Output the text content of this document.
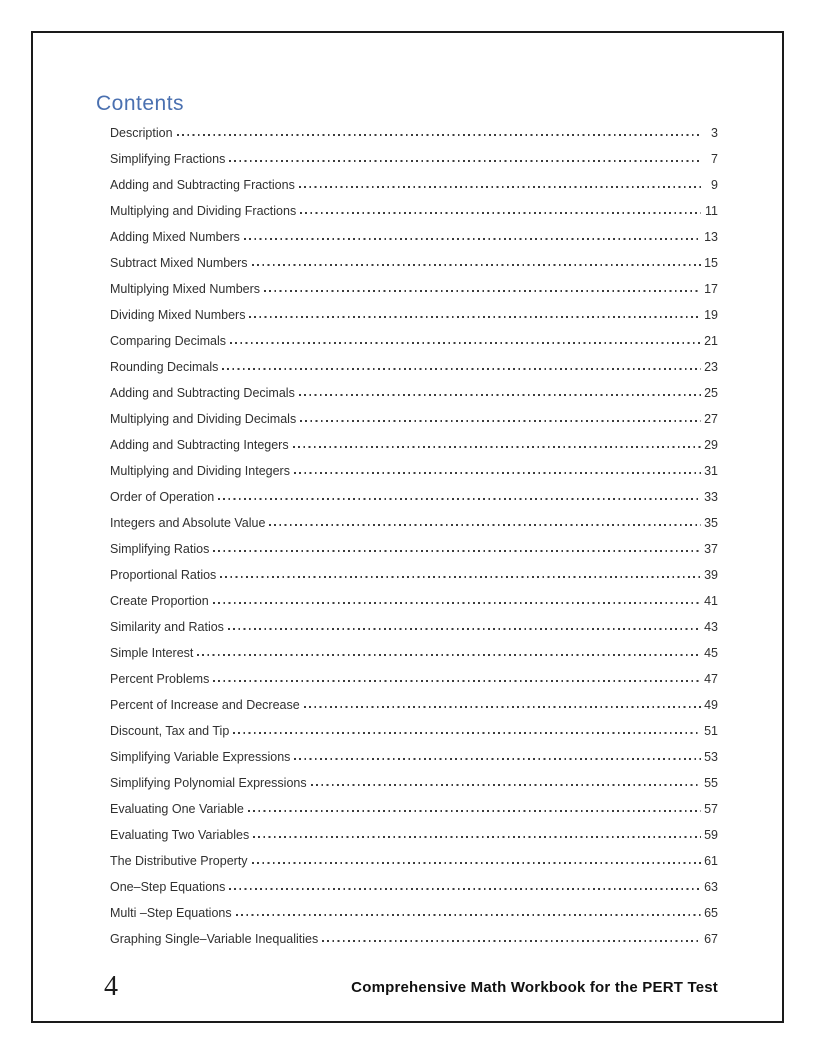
Contents
Description	3
Simplifying Fractions	7
Adding and Subtracting Fractions	9
Multiplying and Dividing Fractions	11
Adding Mixed Numbers	13
Subtract Mixed Numbers	15
Multiplying Mixed Numbers	17
Dividing Mixed Numbers	19
Comparing Decimals	21
Rounding Decimals	23
Adding and Subtracting Decimals	25
Multiplying and Dividing Decimals	27
Adding and Subtracting Integers	29
Multiplying and Dividing Integers	31
Order of Operation	33
Integers and Absolute Value	35
Simplifying Ratios	37
Proportional Ratios	39
Create Proportion	41
Similarity and Ratios	43
Simple Interest	45
Percent Problems	47
Percent of Increase and Decrease	49
Discount, Tax and Tip	51
Simplifying Variable Expressions	53
Simplifying Polynomial Expressions	55
Evaluating One Variable	57
Evaluating Two Variables	59
The Distributive Property	61
One–Step Equations	63
Multi –Step Equations	65
Graphing Single–Variable Inequalities	67
4	Comprehensive Math Workbook for the PERT Test
